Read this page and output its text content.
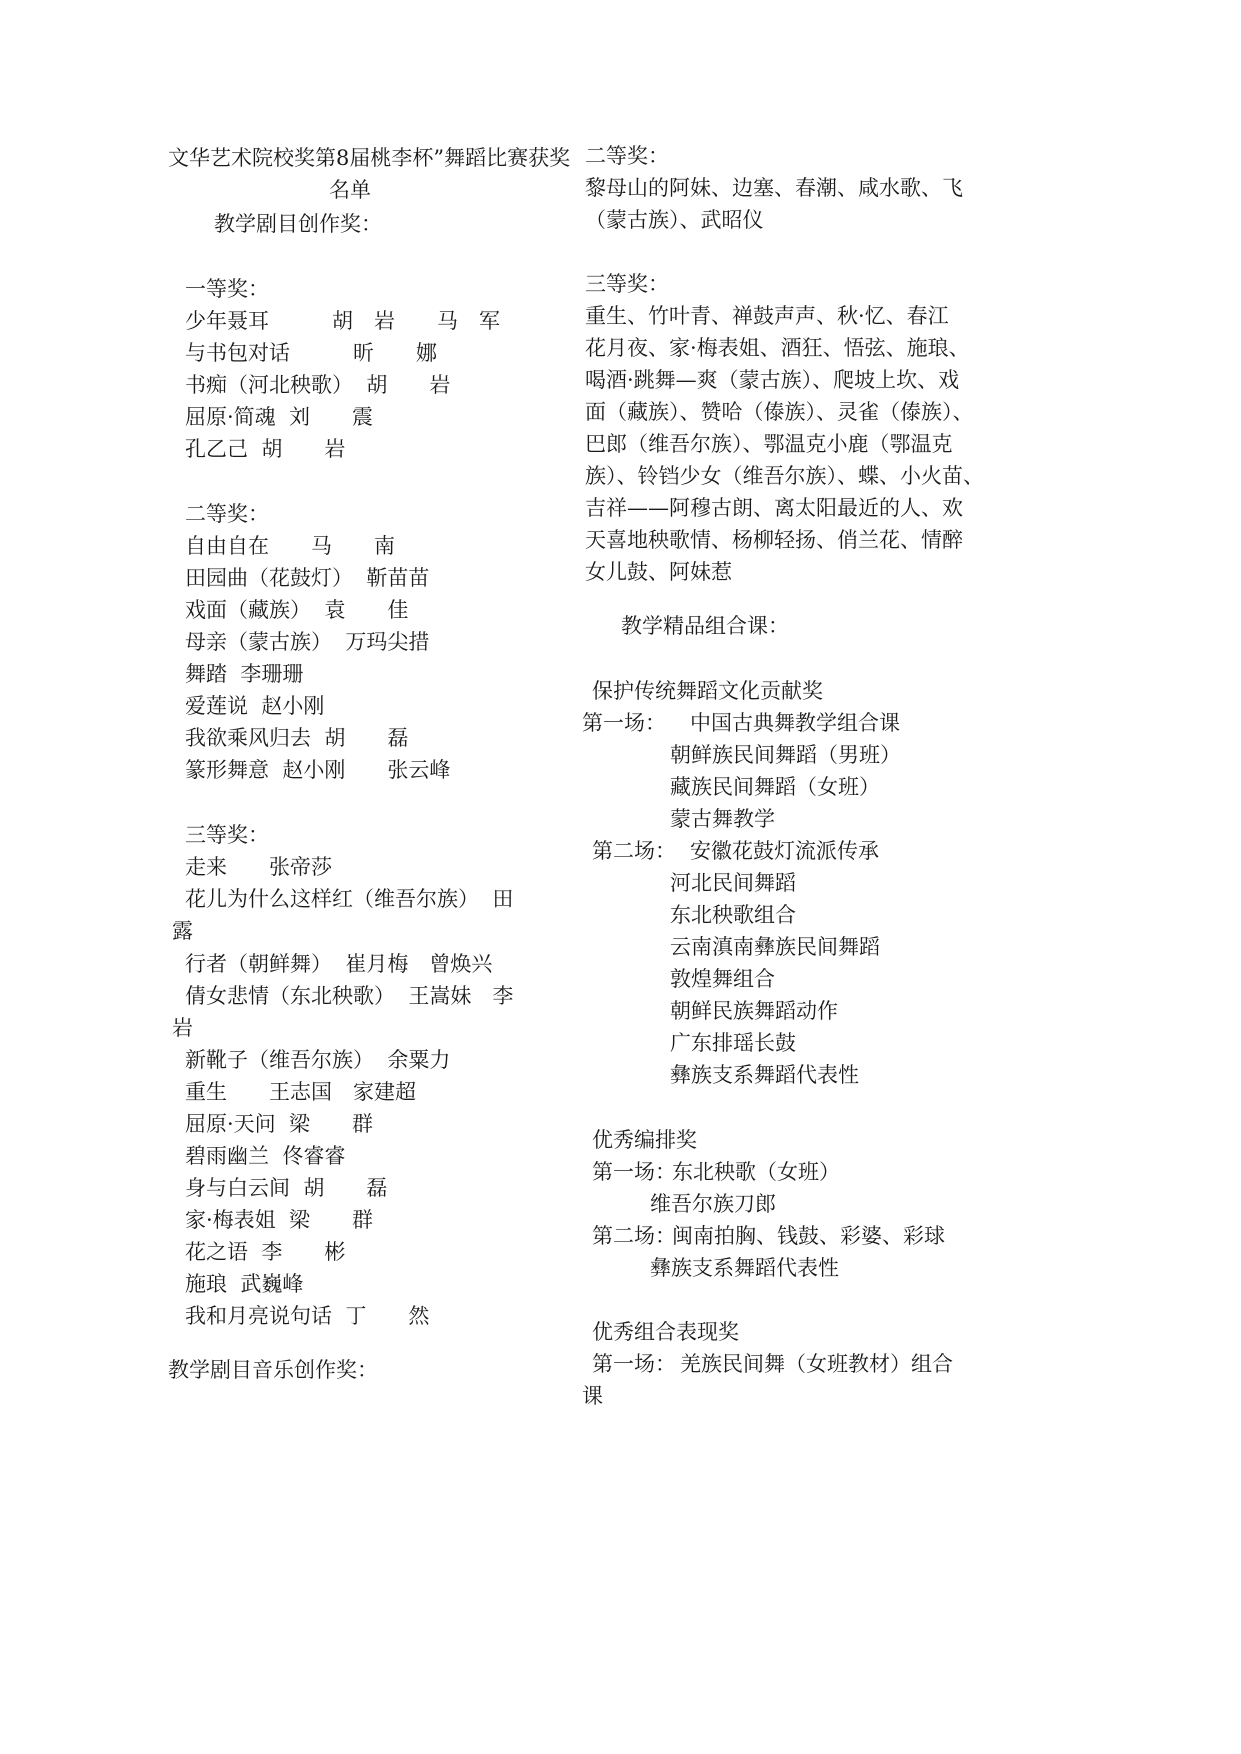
文华艺术院校奖第8届桃李杯”舞蹈比赛获奖
名单
教学剧目创作奖：
一等奖：
少年聂耳　　　胡　岩　　马　军
与书包对话　　　昕　　娜
书痴（河北秧歌）  胡　　岩
屈原·简魂  刘　　震
孔乙己  胡　　岩
二等奖：
自由自在　　马　　南
田园曲（花鼓灯）  靳苗苗
戏面（藏族）  袁　　佳
母亲（蒙古族）  万玛尖措
舞踏  李珊珊
爱莲说  赵小刚
我欲乘风归去  胡　　磊
篆形舞意  赵小刚　　张云峰
三等奖：
走来　　张帝莎
花儿为什么这样红（维吾尔族）  田
露
行者（朝鲜舞）  崔月梅　曾焕兴
倩女悲情（东北秧歌）  王嵩妹　李
岩
新靴子（维吾尔族）  余粟力
重生　　王志国　家建超
屈原·天问  梁　　群
碧雨幽兰  佟睿睿
身与白云间  胡　　磊
家·梅表姐  梁　　群
花之语  李　　彬
施琅  武巍峰
我和月亮说句话  丁　　然
教学剧目音乐创作奖：
二等奖：
黎母山的阿妹、边塞、春潮、咸水歌、飞
（蒙古族）、武昭仪
三等奖：
重生、竹叶青、禅鼓声声、秋·忆、春江
花月夜、家·梅表姐、酒狂、悟弦、施琅、
喝酒·跳舞—爽（蒙古族）、爬坡上坎、戏
面（藏族）、赞哈（傣族）、灵雀（傣族）、
巴郎（维吾尔族）、鄂温克小鹿（鄂温克
族）、铃铛少女（维吾尔族）、蝶、小火苗、
吉祥——阿穆古朗、离太阳最近的人、欢
天喜地秧歌情、杨柳轻扬、俏兰花、情醉
女儿鼓、阿妹惹
教学精品组合课：
保护传统舞蹈文化贡献奖
第一场： 中国古典舞教学组合课
朝鲜族民间舞蹈（男班）
藏族民间舞蹈（女班）
蒙古舞教学
第二场： 安徽花鼓灯流派传承
河北民间舞蹈
东北秧歌组合
云南滇南彝族民间舞蹈
敦煌舞组合
朝鲜民族舞蹈动作
广东排瑶长鼓
彝族支系舞蹈代表性
优秀编排奖
第一场：
东北秧歌（女班）
维吾尔族刀郎
第二场：
闽南拍胸、钱鼓、彩婆、彩球
彝族支系舞蹈代表性
优秀组合表现奖
第一场： 羌族民间舞（女班教材）组合
课
